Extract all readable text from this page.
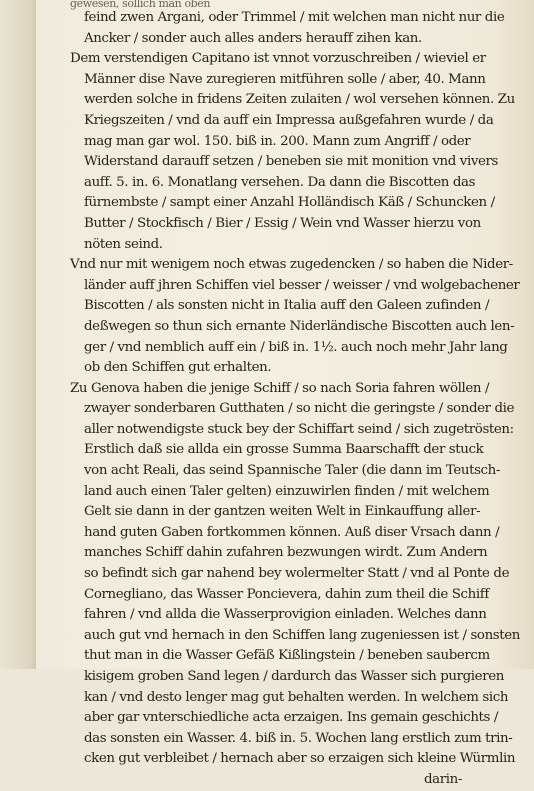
gewesen, sollich man oben
feind zwen Argani, oder Trimmel / mit welchen man nicht nur die
Ancker / sonder auch alles anders herauff zihen kan.
Dem verstendigen Capitano ist vnnot vorzuschreiben / wieviel er
Männer dise Nave zuregieren mitführen solle / aber, 40. Mann
werden solche in fridens Zeiten zulaiten / wol versehen können. Zu
Kriegszeiten / vnd da auff ein Impressa außgefahren wurde / da
mag man gar wol. 150. biß in. 200. Mann zum Angriff / oder
Widerstand darauff setzen / beneben sie mit monition vnd vivers
auff. 5. in. 6. Monatlang versehen. Da dann die Biscotten das
fürnembste / sampt einer Anzahl Holländisch Käß / Schuncken /
Butter / Stockfisch / Bier / Essig / Wein vnd Wasser hierzu von
nöten seind.
Vnd nur mit wenigem noch etwas zugedencken / so haben die Nider-
länder auff jhren Schiffen viel besser / weisser / vnd wolgebachener
Biscotten / als sonsten nicht in Italia auff den Galeen zufinden /
deßwegen so thun sich ernante Niderländische Biscotten auch len-
ger / vnd nemblich auff ein / biß in. 1½. auch noch mehr Jahr lang
ob den Schiffen gut erhalten.
Zu Genova haben die jenige Schiff / so nach Soria fahren wöllen /
zwayer sonderbaren Gutthaten / so nicht die geringste / sonder die
aller notwendigste stuck bey der Schiffart seind / sich zugetrösten:
Erstlich daß sie allda ein grosse Summa Baarschafft der stuck
von acht Reali, das seind Spannische Taler (die dann im Teutsch-
land auch einen Taler gelten) einzuwirlen finden / mit welchem
Gelt sie dann in der gantzen weiten Welt in Einkauffung aller-
hand guten Gaben fortkommen können. Auß diser Vrsach dann /
manches Schiff dahin zufahren bezwungen wirdt. Zum Andern
so befindt sich gar nahend bey wolermelter Statt / vnd al Ponte de
Cornegliano, das Wasser Poncievera, dahin zum theil die Schiff
fahren / vnd allda die Wasserprovigion einladen. Welches dann
auch gut vnd hernach in den Schiffen lang zugeniessen ist / sonsten
thut man in die Wasser Gefäß Kißlingstein / beneben saubercm
kisigem groben Sand legen / dardurch das Wasser sich purgieren
kan / vnd desto lenger mag gut behalten werden. In welchem sich
aber gar vnterschiedliche acta erzaigen. Ins gemain geschichts /
das sonsten ein Wasser. 4. biß in. 5. Wochen lang erstlich zum trin-
cken gut verbleibet / hernach aber so erzaigen sich kleine Würmlin
darin-
